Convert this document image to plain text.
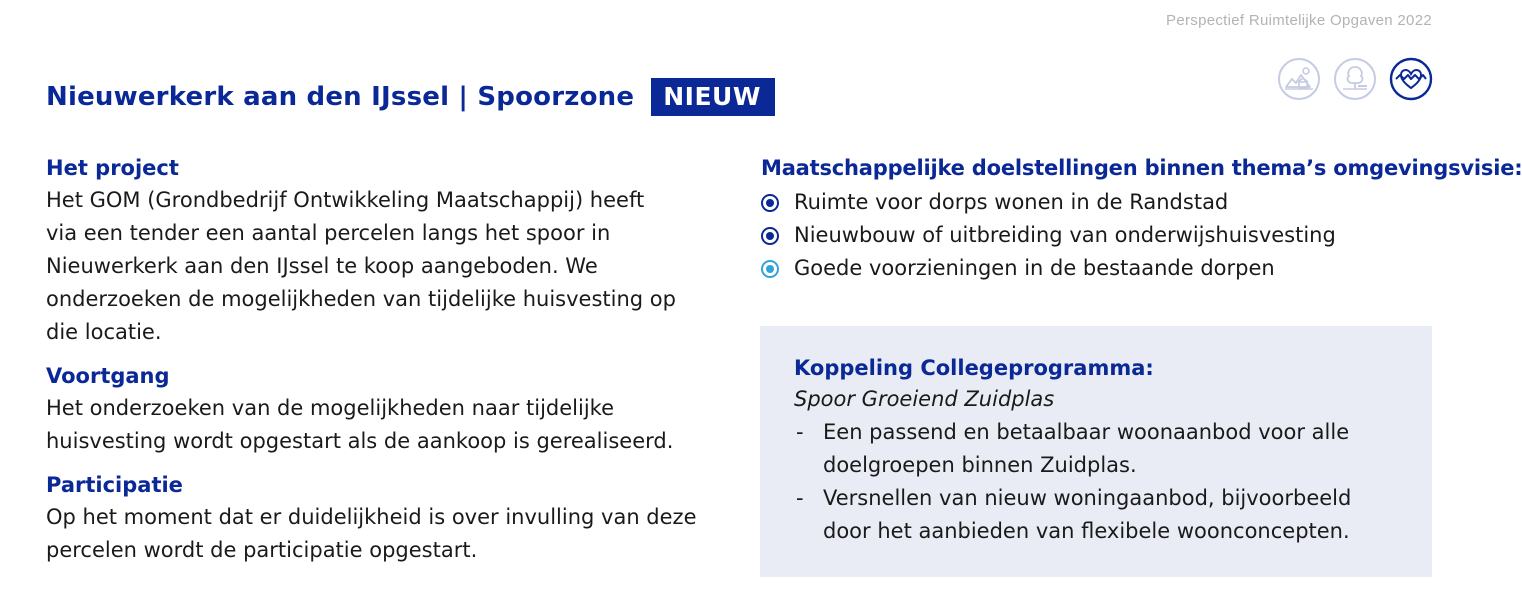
Perspectief Ruimtelijke Opgaven 2022
Nieuwerkerk aan den IJssel | Spoorzone	NIEUW
Het project
Het GOM (Grondbedrijf Ontwikkeling Maatschappij) heeft
via een tender een aantal percelen langs het spoor in
Nieuwerkerk aan den IJssel te koop aangeboden. We
onderzoeken de mogelijkheden van tijdelijke huisvesting op
die locatie.
Voortgang
Het onderzoeken van de mogelijkheden naar tijdelijke
huisvesting wordt opgestart als de aankoop is gerealiseerd.
Participatie
Op het moment dat er duidelijkheid is over invulling van deze
percelen wordt de participatie opgestart.
Maatschappelijke doelstellingen binnen thema’s omgevingsvisie:
Ruimte voor dorps wonen in de Randstad
Nieuwbouw of uitbreiding van onderwijshuisvesting
Goede voorzieningen in de bestaande dorpen
Koppeling Collegeprogramma:
Spoor Groeiend Zuidplas
- Een passend en betaalbaar woonaanbod voor alle
doelgroepen binnen Zuidplas.
- Versnellen van nieuw woningaanbod, bijvoorbeeld
door het aanbieden van flexibele woonconcepten.
